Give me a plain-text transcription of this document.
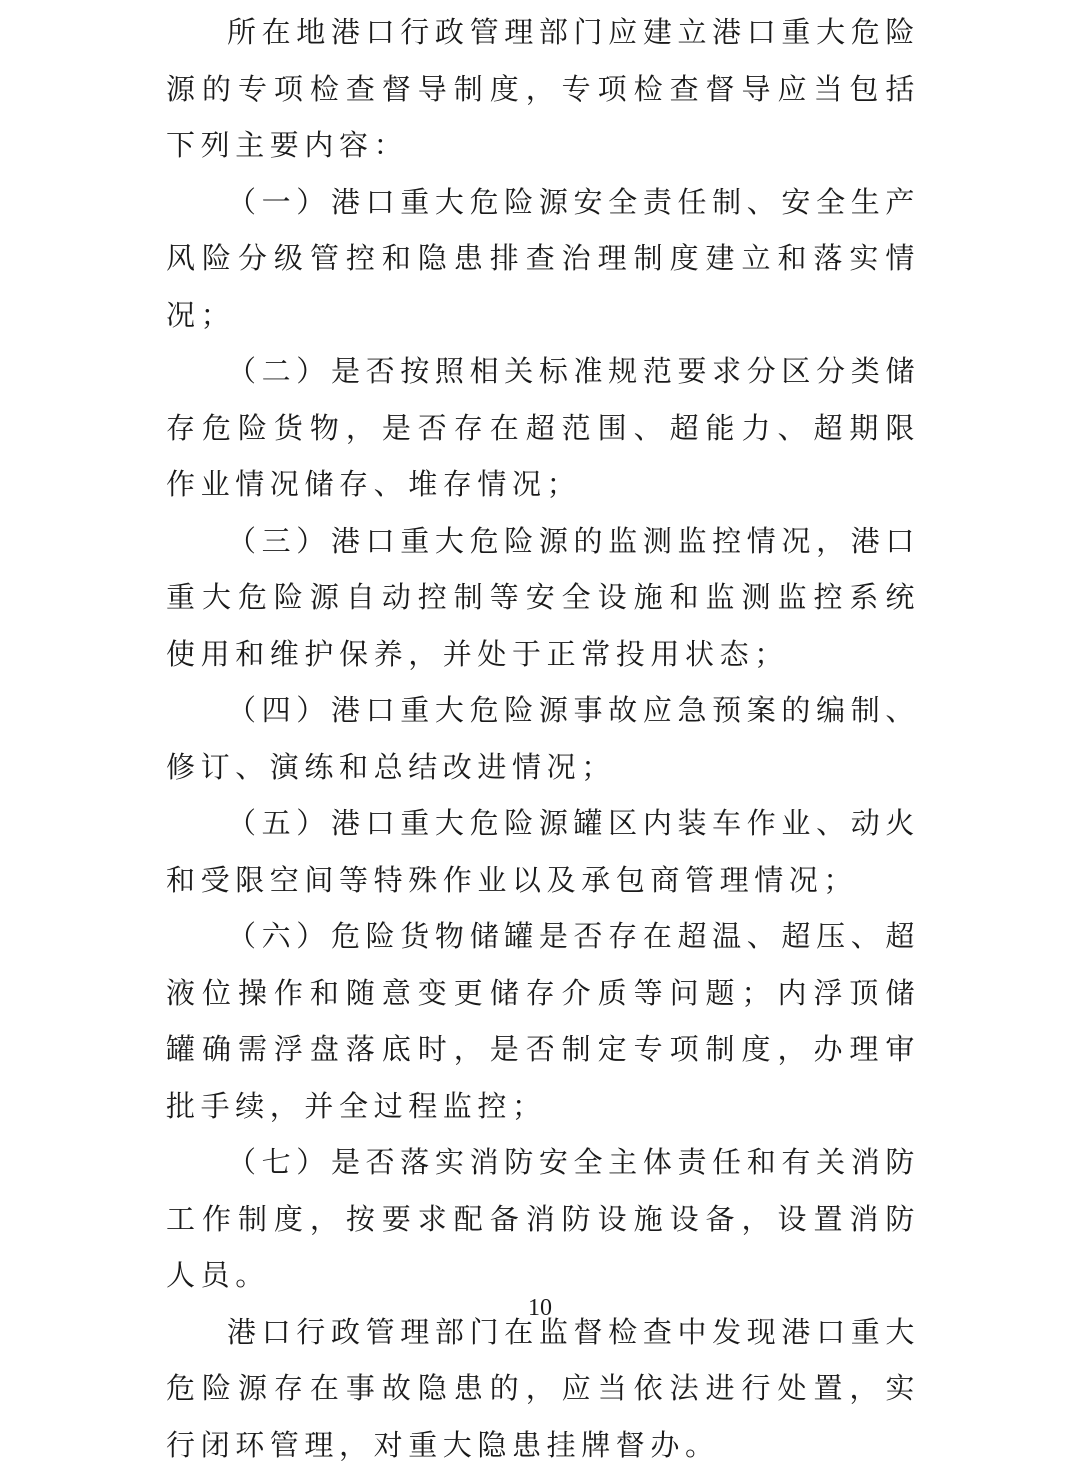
所在地港口行政管理部门应建立港口重大危险源的专项检查督导制度，专项检查督导应当包括下列主要内容：

（一）港口重大危险源安全责任制、安全生产风险分级管控和隐患排查治理制度建立和落实情况；

（二）是否按照相关标准规范要求分区分类储存危险货物，是否存在超范围、超能力、超期限作业情况储存、堆存情况；

（三）港口重大危险源的监测监控情况，港口重大危险源自动控制等安全设施和监测监控系统使用和维护保养，并处于正常投用状态；

（四）港口重大危险源事故应急预案的编制、修订、演练和总结改进情况；

（五）港口重大危险源罐区内装车作业、动火和受限空间等特殊作业以及承包商管理情况；

（六）危险货物储罐是否存在超温、超压、超液位操作和随意变更储存介质等问题；内浮顶储罐确需浮盘落底时，是否制定专项制度，办理审批手续，并全过程监控；

（七）是否落实消防安全主体责任和有关消防工作制度，按要求配备消防设施设备，设置消防人员。

港口行政管理部门在监督检查中发现港口重大危险源存在事故隐患的，应当依法进行处置，实行闭环管理，对重大隐患挂牌督办。

10
